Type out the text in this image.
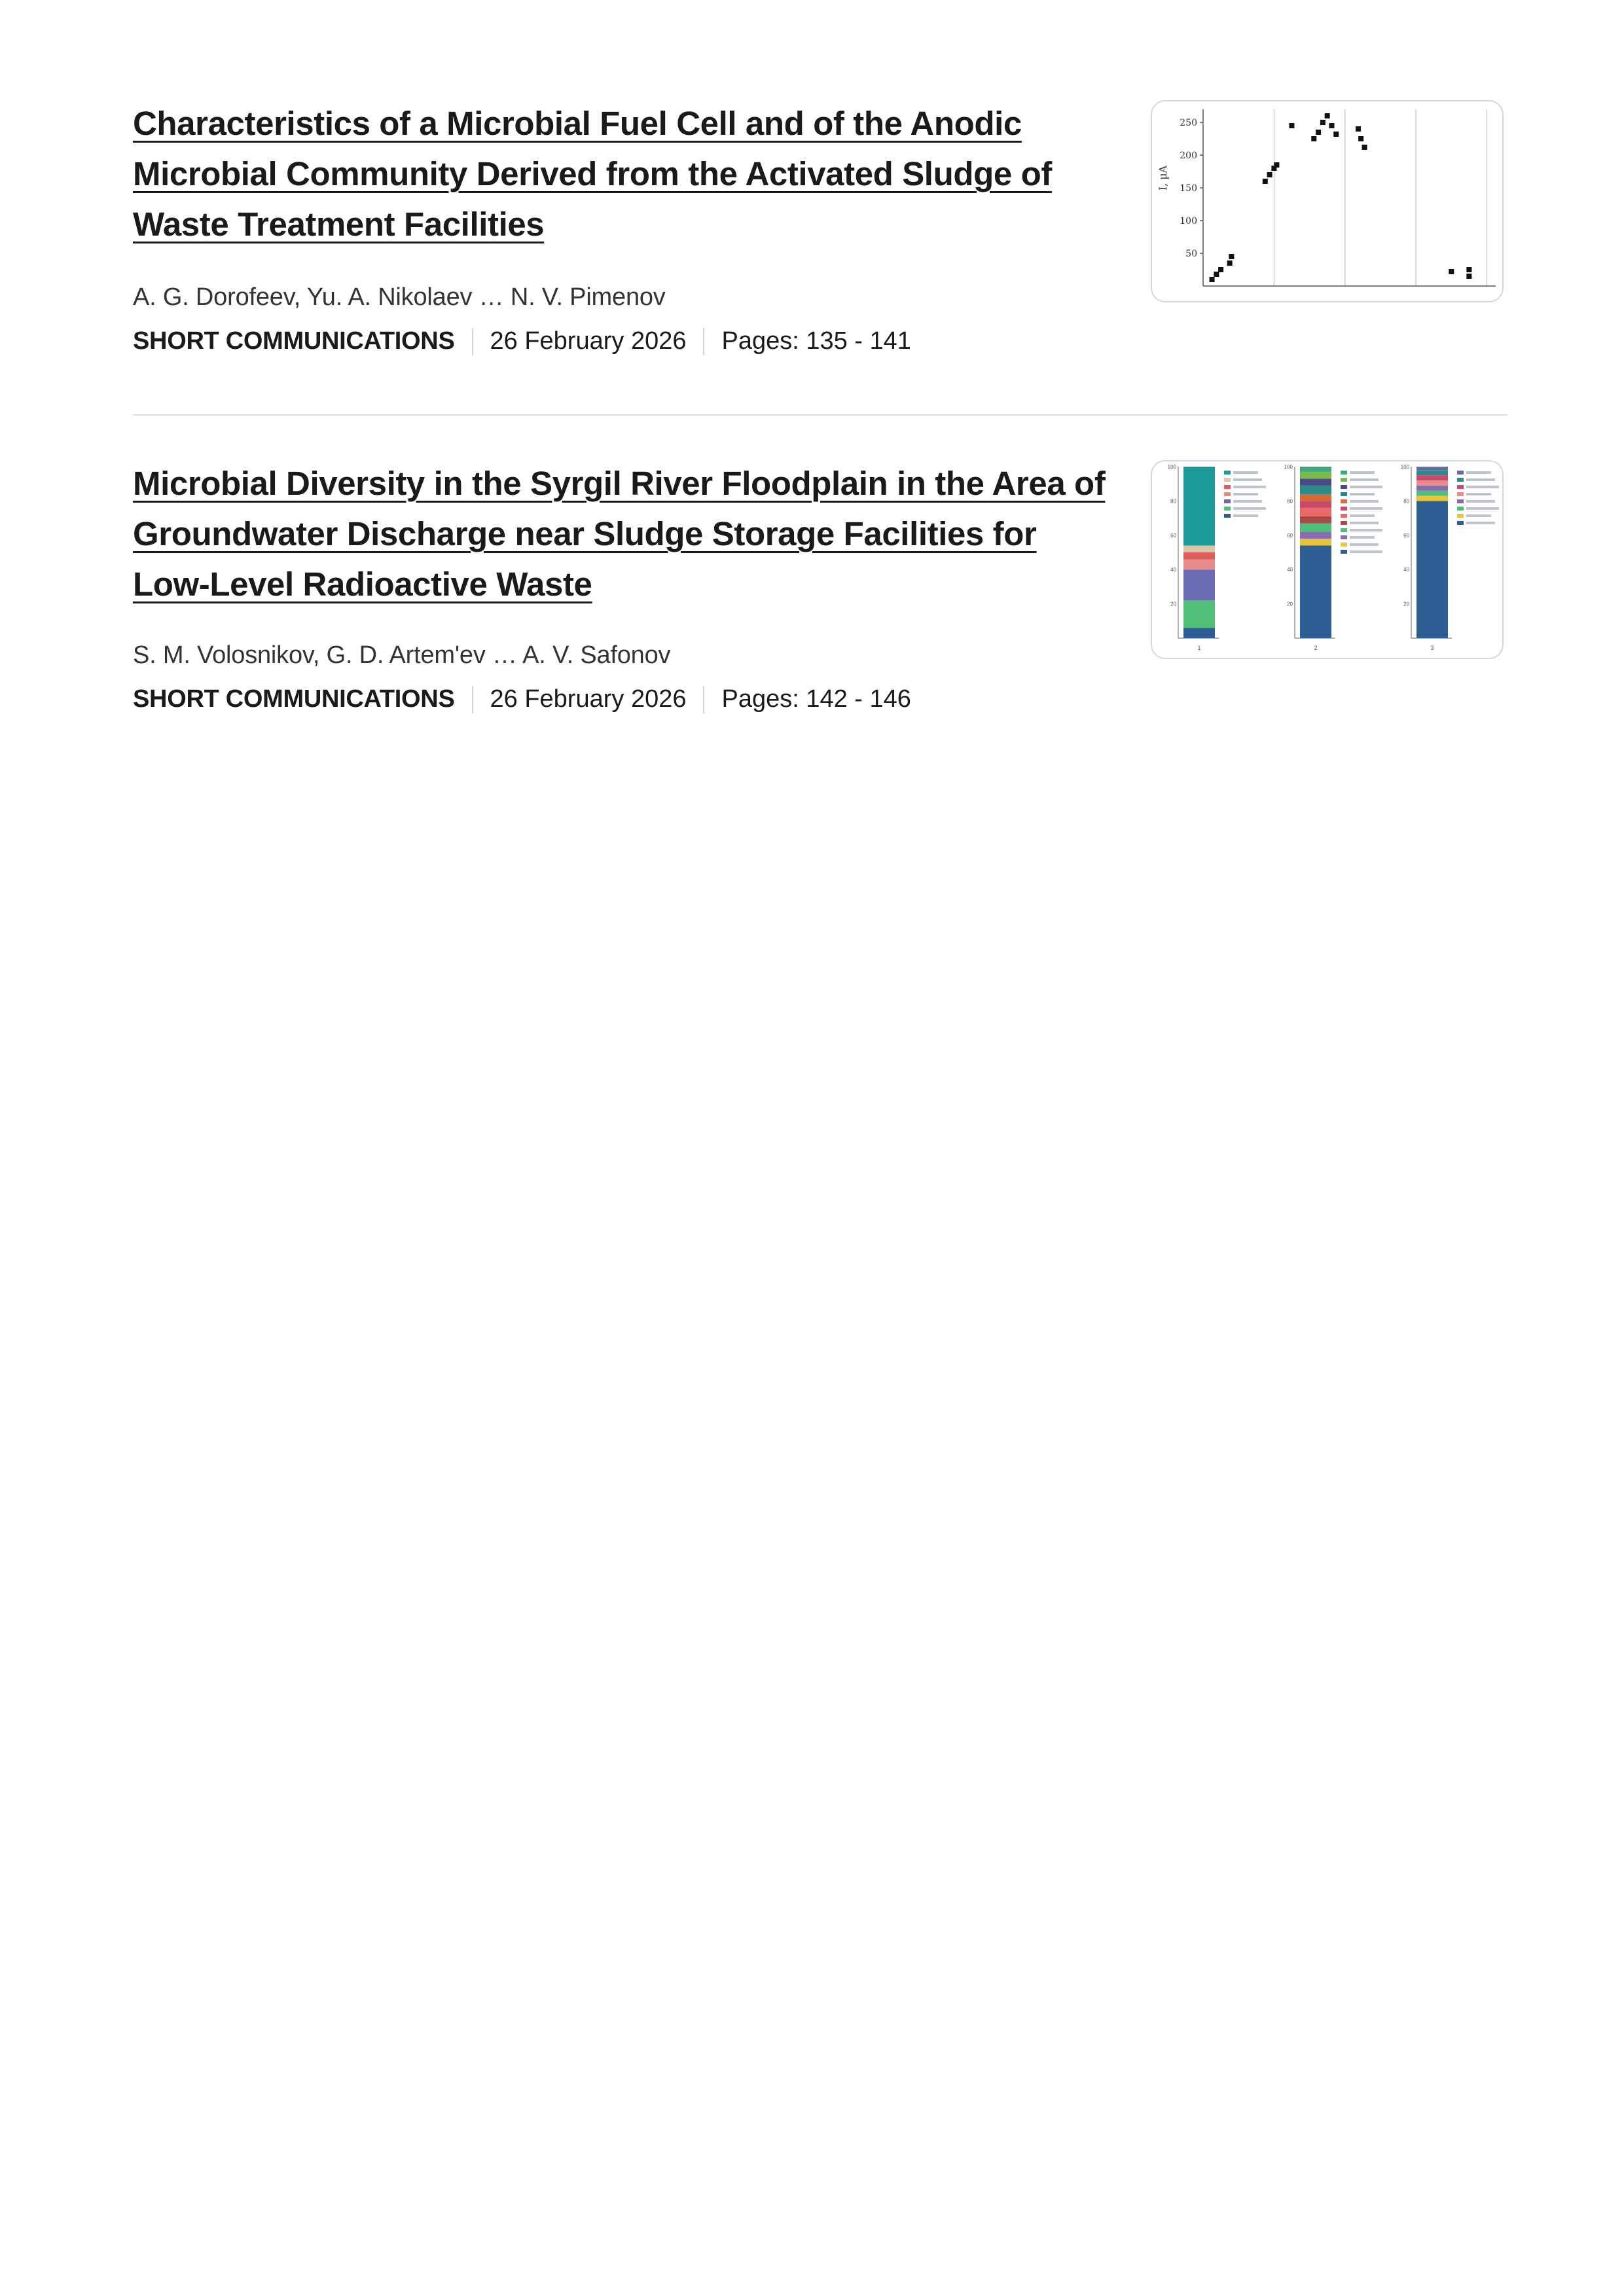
Characteristics of a Microbial Fuel Cell and of the Anodic Microbial Community Derived from the Activated Sludge of Waste Treatment Facilities
A. G. Dorofeev, Yu. A. Nikolaev … N. V. Pimenov
SHORT COMMUNICATIONS 26 February 2026 Pages: 135 - 141
50
100
150
200
250
I, µA
Microbial Diversity in the Syrgil River Floodplain in the Area of Groundwater Discharge near Sludge Storage Facilities for Low-Level Radioactive Waste
S. M. Volosnikov, G. D. Artem'ev … A. V. Safonov
SHORT COMMUNICATIONS 26 February 2026 Pages: 142 - 146
20
40
60
80
100
1
20
40
60
80
100
2
20
40
60
80
100
3
